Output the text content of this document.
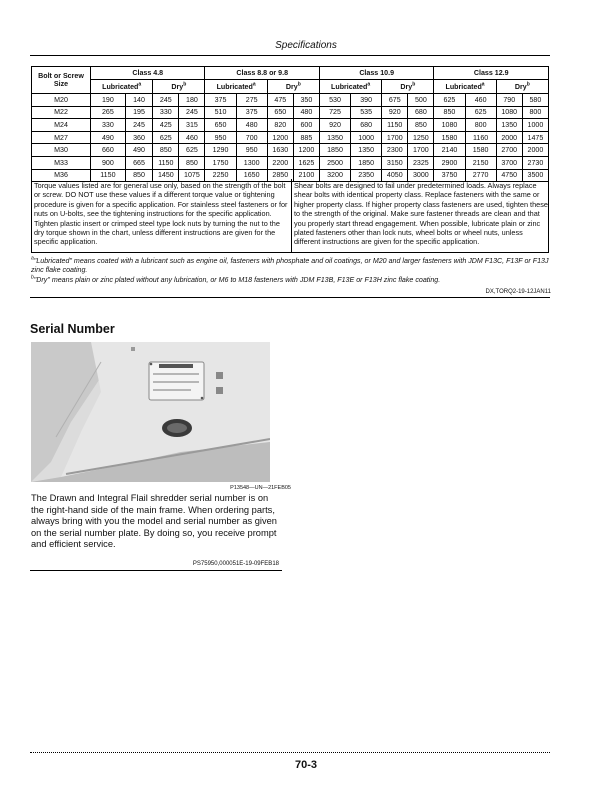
Specifications
Bolt or Screw Size	Class 4.8				Class 8.8 or 9.8				Class 10.9				Class 12.9			
	Lubricated$^a$		Dry$^b$		Lubricated$^a$		Dry$^b$		Lubricated$^a$		Dry$^b$		Lubricated$^a$		Dry$^b$
M20	190	140	245	180	375	275	475	350	530	390	675	500	625	460	790	580
M22	265	195	330	245	510	375	650	480	725	535	920	680	850	625	1080	800
M24	330	245	425	315	650	480	820	600	920	680	1150	850	1080	800	1350	1000
M27	490	360	625	460	950	700	1200	885	1350	1000	1700	1250	1580	1160	2000	1475
M30	660	490	850	625	1290	950	1630	1200	1850	1350	2300	1700	2140	1580	2700	2000
M33	900	665	1150	850	1750	1300	2200	1625	2500	1850	3150	2325	2900	2150	3700	2730
M36	1150	850	1450	1075	2250	1650	2850	2100	3200	2350	4050	3000	3750	2770	4750	3500
Torque values listed are for general use only, based on the strength of the bolt or screw. DO NOT use these values if a different torque value or tightening procedure is given for a specific application. For stainless steel fasteners or for nuts on U-bolts, see the tightening instructions for the specific application. Tighten plastic insert or crimped steel type lock nuts by turning the nut to the dry torque shown in the chart, unless different instructions are given for the specific application.
Shear bolts are designed to fail under predetermined loads. Always replace shear bolts with identical property class. Replace fasteners with the same or higher property class. If higher property class fasteners are used, tighten these to the strength of the original. Make sure fastener threads are clean and that you properly start thread engagement. When possible, lubricate plain or zinc plated fasteners other than lock nuts, wheel bolts or wheel nuts, unless different instructions are given for the specific application.
$^a$"Lubricated" means coated with a lubricant such as engine oil, fasteners with phosphate and oil coatings, or M20 and larger fasteners with JDM F13C, F13F or F13J zinc flake coating.
$^b$"Dry" means plain or zinc plated without any lubrication, or M6 to M18 fasteners with JDM F13B, F13E or F13H zinc flake coating.
DX,TORQ2-19-12JAN11
Serial Number
P13548—UN—21FEB05
The Drawn and Integral Flail shredder serial number is on the right-hand side of the main frame. When ordering parts, always bring with you the model and serial number as given on the serial number plate. By doing so, you receive prompt and efficient service.
PS75950,000051E-19-09FEB18
70-3
